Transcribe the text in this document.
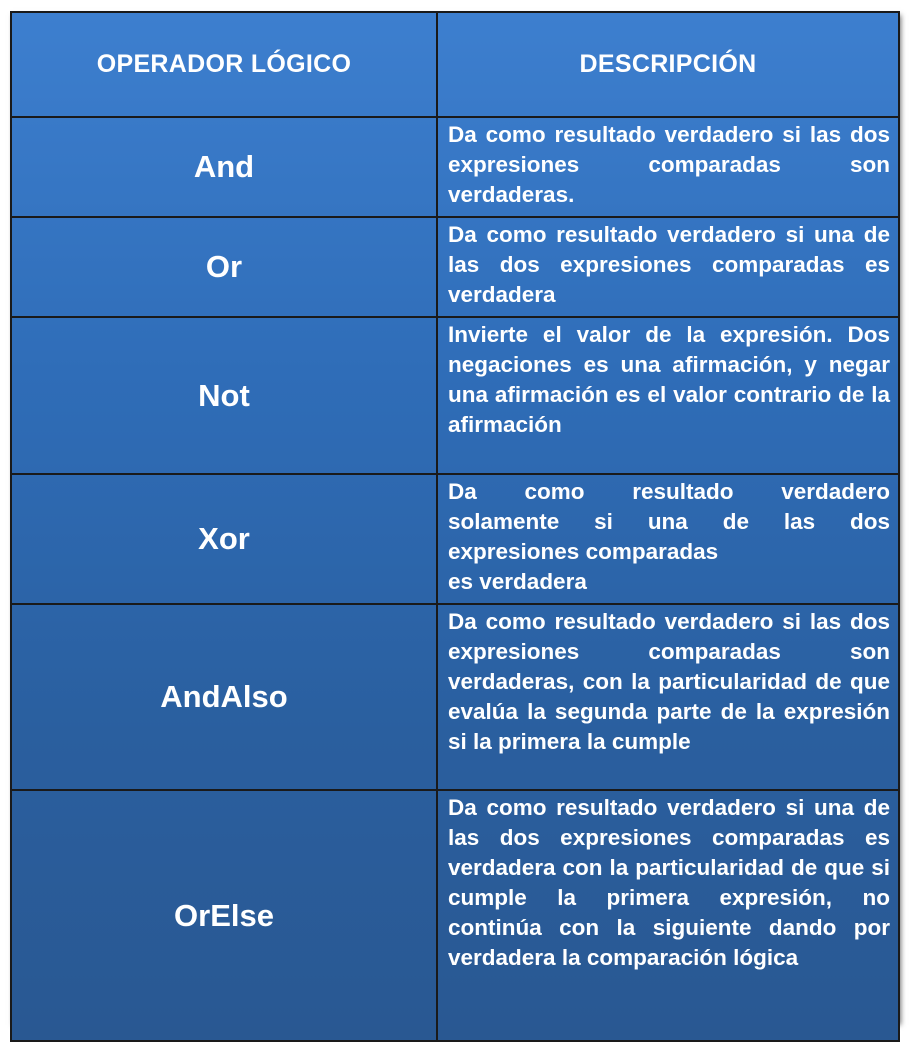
OPERADOR LÓGICO	DESCRIPCIÓN
And	Da como resultado verdadero si las dos expresiones comparadas son verdaderas.
Or	Da como resultado verdadero si una de las dos expresiones comparadas es verdadera
Not	Invierte el valor de la expresión. Dos negaciones es una afirmación, y negar una afirmación es el valor contrario de la afirmación
Xor	Da como resultado verdadero
solamente si una de las dos
expresiones comparadas
es verdadera

AndAlso	Da como resultado verdadero si las dos expresiones comparadas son verdaderas, con la particularidad de que evalúa la segunda parte de la expresión si la primera la cumple
OrElse	Da como resultado verdadero si una de las dos expresiones comparadas es verdadera con la particularidad de que si cumple la primera expresión, no continúa con la siguiente dando por verdadera la comparación lógica
